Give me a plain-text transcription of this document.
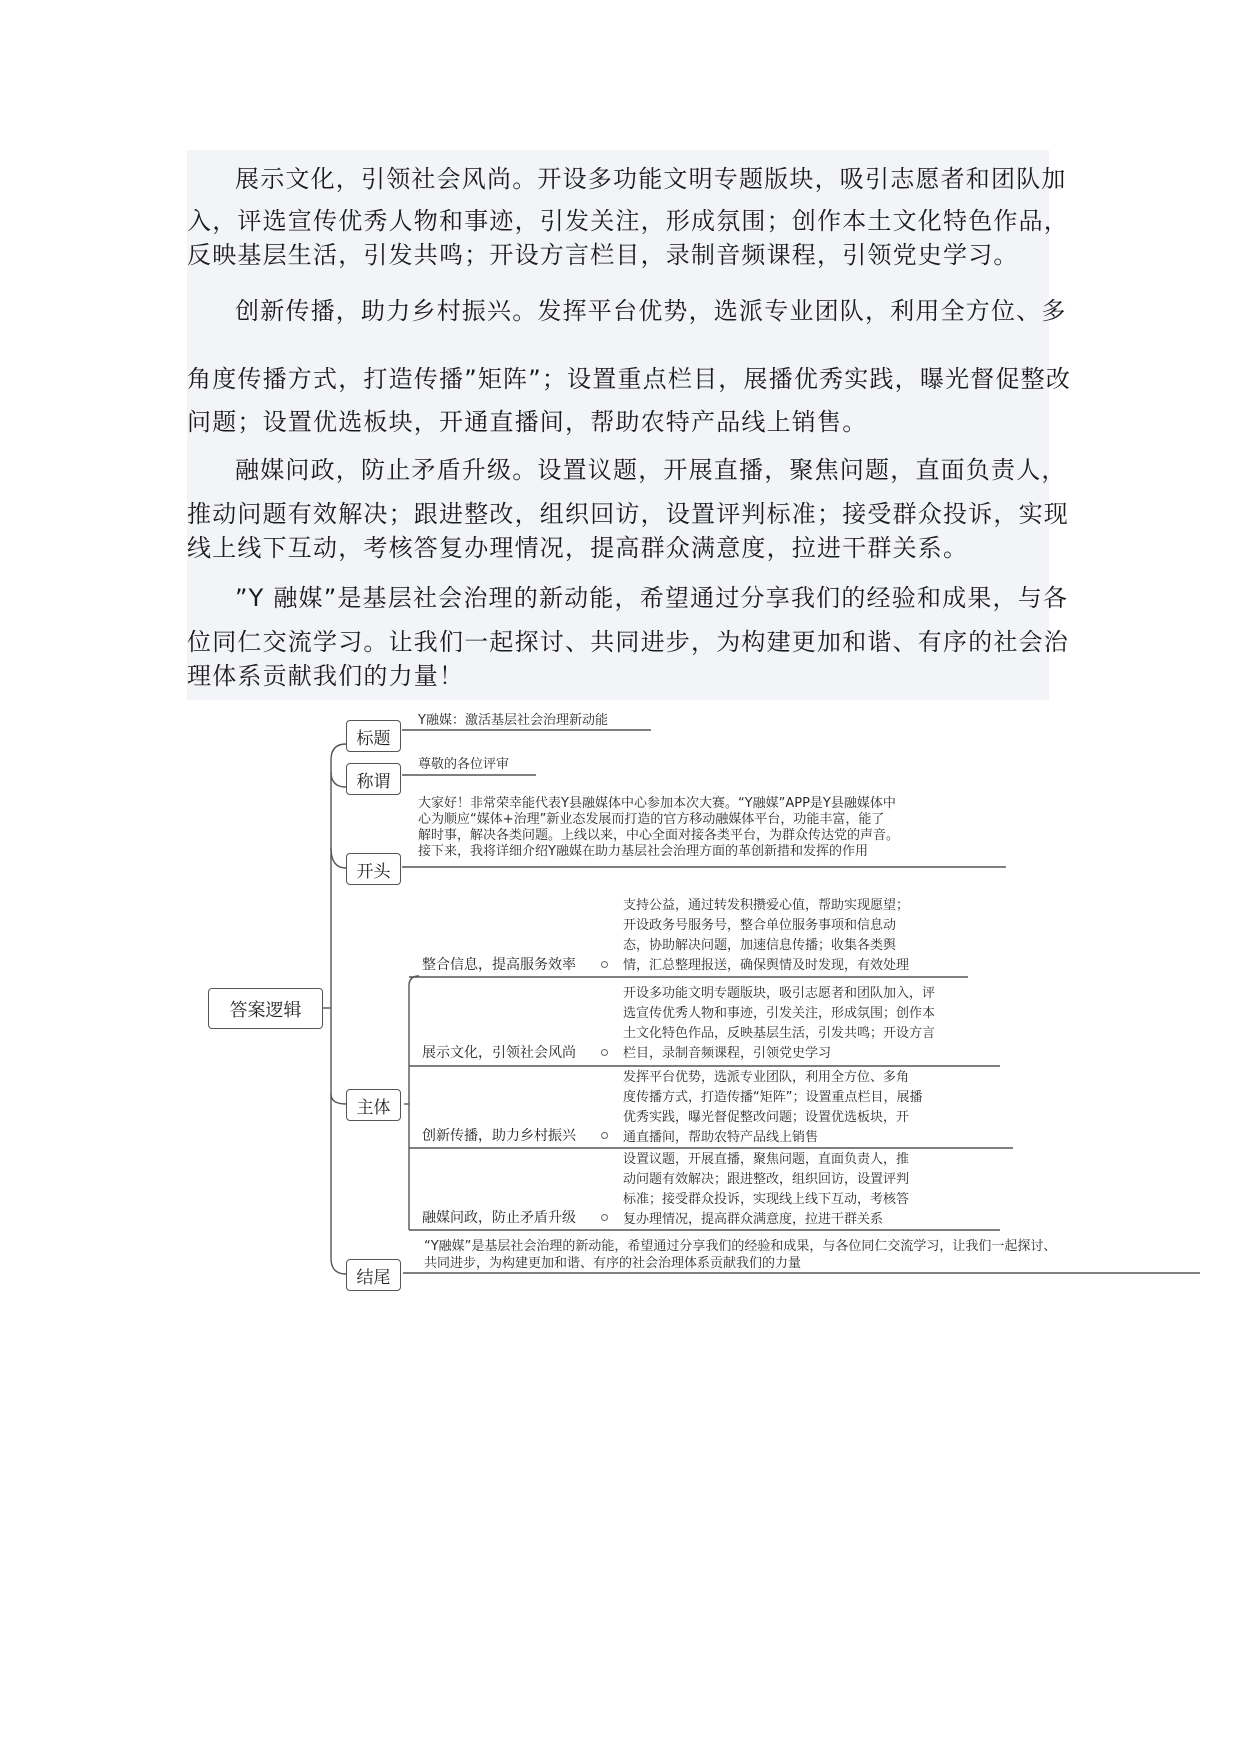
展示文化，引领社会风尚。开设多功能文明专题版块，吸引志愿者和团队加
入，评选宣传优秀人物和事迹，引发关注，形成氛围；创作本土文化特色作品，
反映基层生活，引发共鸣；开设方言栏目，录制音频课程，引领党史学习。
创新传播，助力乡村振兴。发挥平台优势，选派专业团队，利用全方位、多
角度传播方式，打造传播”矩阵”；设置重点栏目，展播优秀实践，曝光督促整改
问题；设置优选板块，开通直播间，帮助农特产品线上销售。
融媒问政，防止矛盾升级。设置议题，开展直播，聚焦问题，直面负责人，
推动问题有效解决；跟进整改，组织回访，设置评判标准；接受群众投诉，实现
线上线下互动，考核答复办理情况，提高群众满意度，拉进干群关系。
”Y 融媒”是基层社会治理的新动能，希望通过分享我们的经验和成果，与各
位同仁交流学习。让我们一起探讨、共同进步，为构建更加和谐、有序的社会治
理体系贡献我们的力量！
答案逻辑
标题
称谓
开头
主体
结尾
Y融媒：激活基层社会治理新动能
尊敬的各位评审
大家好！非常荣幸能代表Y县融媒体中心参加本次大赛。“Y融媒”APP是Y县融媒体中
心为顺应“媒体+治理”新业态发展而打造的官方移动融媒体平台，功能丰富，能了
解时事，解决各类问题。上线以来，中心全面对接各类平台，为群众传达党的声音。
接下来，我将详细介绍Y融媒在助力基层社会治理方面的革创新措和发挥的作用
整合信息，提高服务效率
支持公益，通过转发积攒爱心值，帮助实现愿望；
开设政务号服务号，整合单位服务事项和信息动
态，协助解决问题，加速信息传播；收集各类舆
情，汇总整理报送，确保舆情及时发现，有效处理
展示文化，引领社会风尚
开设多功能文明专题版块，吸引志愿者和团队加入，评
选宣传优秀人物和事迹，引发关注，形成氛围；创作本
土文化特色作品，反映基层生活，引发共鸣；开设方言
栏目，录制音频课程，引领党史学习
创新传播，助力乡村振兴
发挥平台优势，选派专业团队，利用全方位、多角
度传播方式，打造传播“矩阵”；设置重点栏目，展播
优秀实践，曝光督促整改问题；设置优选板块，开
通直播间，帮助农特产品线上销售
融媒问政，防止矛盾升级
设置议题，开展直播，聚焦问题，直面负责人，推
动问题有效解决；跟进整改，组织回访，设置评判
标准；接受群众投诉，实现线上线下互动，考核答
复办理情况，提高群众满意度，拉进干群关系
“Y融媒”是基层社会治理的新动能，希望通过分享我们的经验和成果，与各位同仁交流学习，让我们一起探讨、
共同进步，为构建更加和谐、有序的社会治理体系贡献我们的力量
